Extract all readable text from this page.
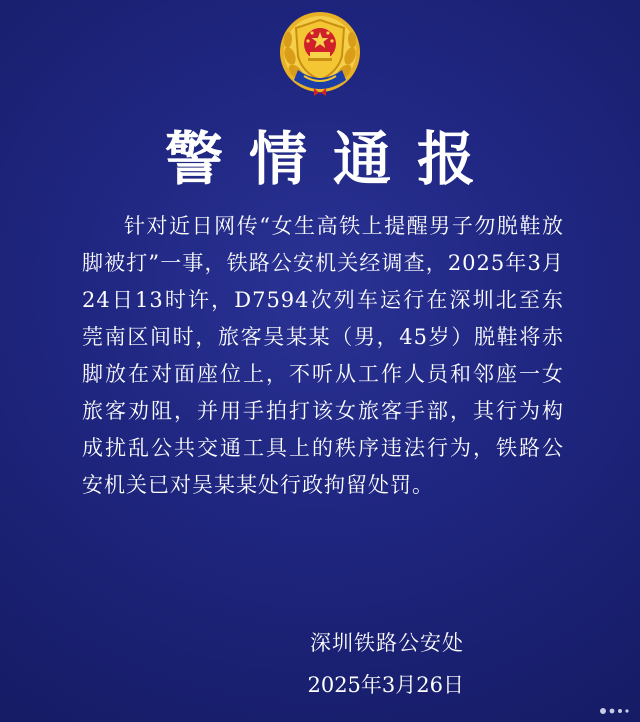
警情通报

针对近日网传“女生高铁上提醒男子勿脱鞋放脚被打”一事，铁路公安机关经调查，2025年3月24日13时许，D7594次列车运行在深圳北至东莞南区间时，旅客吴某某（男，45岁）脱鞋将赤脚放在对面座位上，不听从工作人员和邻座一女旅客劝阻，并用手拍打该女旅客手部，其行为构成扰乱公共交通工具上的秩序违法行为，铁路公安机关已对吴某某处行政拘留处罚。

深圳铁路公安处
2025年3月26日
